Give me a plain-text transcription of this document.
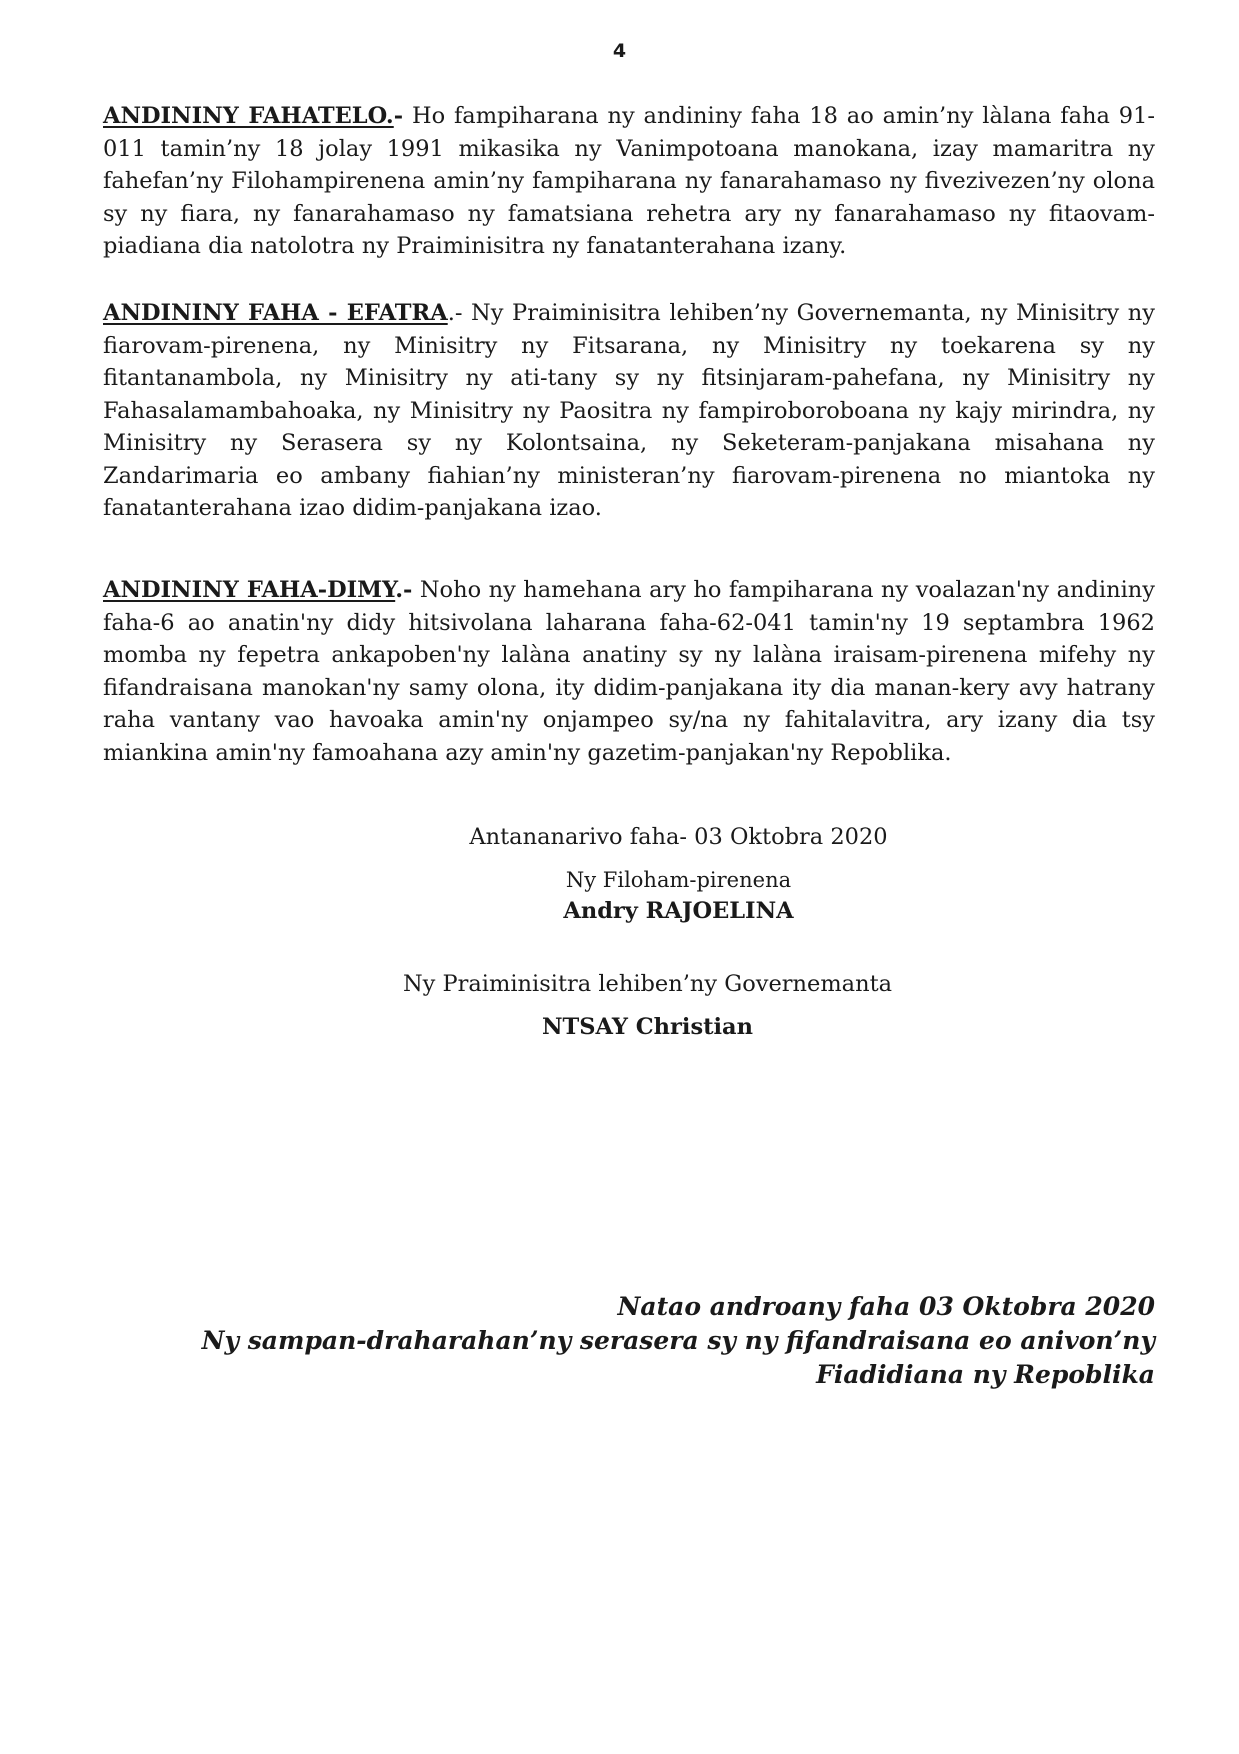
4
ANDININY FAHATELO.- Ho fampiharana ny andininy faha 18 ao amin’ny làlana faha 91-011 tamin’ny 18 jolay 1991 mikasika ny Vanimpotoana manokana, izay mamaritra ny fahefan’ny Filohampirenena amin’ny fampiharana ny fanarahamaso ny fivezivezen’ny olona sy ny fiara, ny fanarahamaso ny famatsiana rehetra ary ny fanarahamaso ny fitaovam-piadiana dia natolotra ny Praiminisitra ny fanatanterahana izany.
ANDININY FAHA - EFATRA.- Ny Praiminisitra lehiben’ny Governemanta, ny Minisitry ny fiarovam-pirenena, ny Minisitry ny Fitsarana, ny Minisitry ny toekarena sy ny fitantanambola, ny Minisitry ny ati-tany sy ny fitsinjaram-pahefana, ny Minisitry ny Fahasalamambahoaka, ny Minisitry ny Paositra ny fampiroboroboana ny kajy mirindra, ny Minisitry ny Serasera sy ny Kolontsaina, ny Seketeram-panjakana misahana ny Zandarimaria eo ambany fiahian’ny ministeran’ny fiarovam-pirenena no miantoka ny fanatanterahana izao didim-panjakana izao.
ANDININY FAHA-DIMY.- Noho ny hamehana ary ho fampiharana ny voalazan'ny andininy faha-6 ao anatin'ny didy hitsivolana laharana faha-62-041 tamin'ny 19 septambra 1962 momba ny fepetra ankapoben'ny lalàna anatiny sy ny lalàna iraisam-pirenena mifehy ny fifandraisana manokan'ny samy olona, ity didim-panjakana ity dia manan-kery avy hatrany raha vantany vao havoaka amin'ny onjampeo sy/na ny fahitalavitra, ary izany dia tsy miankina amin'ny famoahana azy amin'ny gazetim-panjakan'ny Repoblika.
Antananarivo faha- 03 Oktobra 2020
Ny Filoham-pirenena
Andry RAJOELINA
Ny Praiminisitra lehiben’ny Governemanta
NTSAY Christian
Natao androany faha 03 Oktobra 2020
Ny sampan-draharahan’ny serasera sy ny fifandraisana eo anivon’ny
Fiadidiana ny Repoblika
